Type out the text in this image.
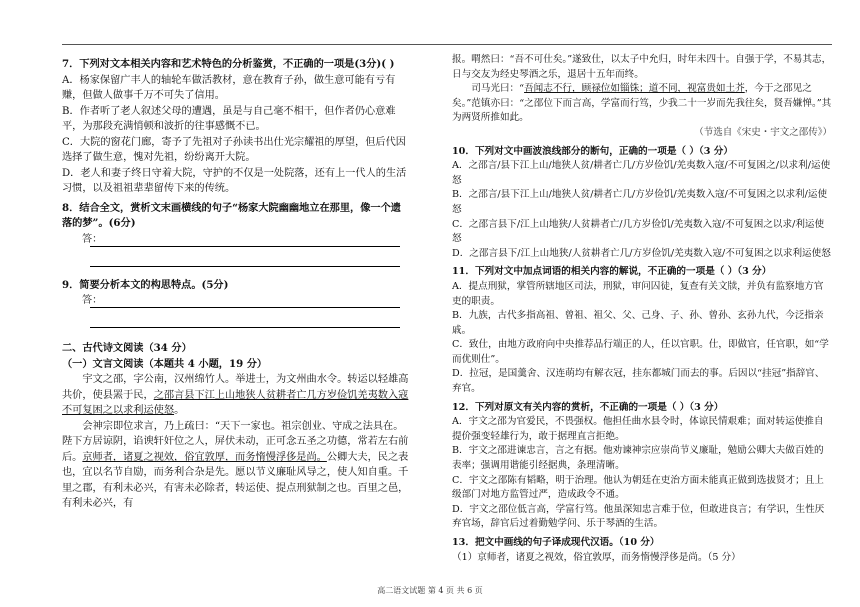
7．下列对文本相关内容和艺术特色的分析鉴赏，不正确的一项是(3分)( )

A．杨家保留广丰人的轴轮车做活教材，意在教育子孙，做生意可能有亏有赚，但做人做事千万不可失了信用。

B．作者听了老人叙述父母的遭遇，虽是与自己毫不相干，但作者仍心意难平，为那段充满悄顿和波折的往事感慨不已。

C．大院的窗花门廊，寄予了先祖对子孙读书出仕光宗耀祖的厚望，但后代因选择了做生意，愧对先祖，纷纷离开大院。

D．老人和妻子终日守着大院，守护的不仅是一处院落，还有上一代人的生活习惯，以及祖祖辈辈留传下来的传统。

8．结合全文，赏析文末画横线的句子“杨家大院幽幽地立在那里，像一个遗落的梦”。(6分)

答：

9．简要分析本文的构思特点。(5分)

答：

二、古代诗文阅读（34 分）

（一）文言文阅读（本题共 4 小题，19 分）

宇文之邵，字公南，汉州绵竹人。举进士，为文州曲水令。转运以轻雄高共价，使县罴于民，之邵言县下江上山地狭人贫耕者亡几方岁俭饥羌夷数入寇不可复困之以求利运使怒。

会神宗即位求言，乃上疏曰：“天下一家也。祖宗创业、守成之法具在。陛下方居谅阴，谄谀轩奸位之人，屏伏未动，正可念五圣之功德，常若左右前后。京师者，诸夏之视效，俗宜敦厚，而务惰慢浮侈是尚。公卿大夫，民之表也，宜以名节自励，而务利合杂是先。愿以节义廉耻风导之，使人知自重。千里之郡，有利未必兴，有害未必除者，转运使、提点刑狱制之也。百里之邑，有利未必兴，有

报。喟然曰：“吾不可仕矣。”遂致仕，以太子中允归，时年未四十。自强于学，不易其志，日与交友为经史琴酒之乐，退居十五年而终。

司马光曰：“吾闻志不行，顾禄位如锱铢；道不同，视富贵如土芥，今于之邵见之矣。”范镇亦曰：“之邵位下而言高，学富而行笃，少我二十一岁而先我往矣，贤吾嫌惮。”其为两贤所推如此。

（节选自《宋史・宇文之邵传》）

10．下列对文中画波浪线部分的断句，正确的一项是（ ）（3 分）

A．之邵言/县下江上山/地狭人贫/耕者亡几/方岁俭饥/羌夷数入寇/不可复困之/以求利/运使怒

B．之邵言/县下江上山/地狭人贫/耕者亡几/方岁俭饥/羌夷数入寇/不可复困之以求利/运使怒

C．之邵言县下/江上山地狭/人贫耕者亡/几方岁俭饥/羌夷数入寇/不可复困之以求/利运使怒

D．之邵言县下/江上山地狭/人贫耕者亡几/方岁俭饥/羌夷数入寇/不可复困之以求利运使怒

11．下列对文中加点词语的相关内容的解说，不正确的一项是（ ）（3 分）

A．提点刑狱，掌管所辖地区司法，刑狱，审问囚徒，复查有关文牍，并负有监察地方官吏的职责。

B．九族，古代多指高祖、曾祖、祖父、父、己身、子、孙、曾孙、玄孙九代，今泛指亲戚。

C．致仕，由地方政府向中央推荐品行端正的人，任以官职。仕，即做官，任官职，如“学而优则仕”。

D．拉冠，是国羹舍、汉连萌均有解衣冠，挂东都城门而去的事。后因以“挂冠”指辞官、弃官。

12．下列对原文有关内容的赏析，不正确的一项是（ ）（3 分）

A．宇文之邵为官爱民，不畏强权。他担任曲水县令时，体谅民情艰难；面对转运使推自提价强变轻雄行为，敢于据理直言拒绝。

B．宇文之邵进谏忠言，言之有据。他劝谏神宗应崇尚节义廉耻，勉励公卿大夫做百姓的表率；强调用谐能引经据典，条理清晰。

C．宇文之邵陈有韬略，明于治理。他认为朝廷在吏治方面未能真正做到选拔贤才；且上级部门对地方监管过严，造成政令不通。

D．宇文之邵位低言高，学富行笃。他虽深知忠言难于位，但敢进良言；有学识，生性厌弃官场，辞官后过着勤勉学问、乐于琴酒的生活。

13．把文中画线的句子译成现代汉语。（10 分）

（1）京师者，诸夏之视效，俗宜敦厚，而务惰慢浮侈是尚。（5 分）

高二语文试题 第 4 页 共 6 页
